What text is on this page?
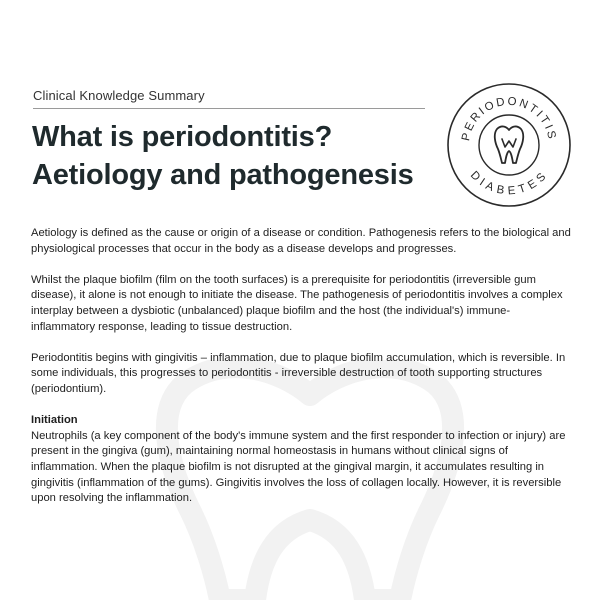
Clinical Knowledge Summary
What is periodontitis?
Aetiology and pathogenesis
PERIODONTITIS
DIABETES

Aetiology is defined as the cause or origin of a disease or condition. Pathogenesis refers to the biological and physiological processes that occur in the body as a disease develops and progresses.

Whilst the plaque biofilm (film on the tooth surfaces) is a prerequisite for periodontitis (irreversible gum disease), it alone is not enough to initiate the disease. The pathogenesis of periodontitis involves a complex interplay between a dysbiotic (unbalanced) plaque biofilm and the host (the individual's) immune-inflammatory response, leading to tissue destruction.

Periodontitis begins with gingivitis – inflammation, due to plaque biofilm accumulation, which is reversible. In some individuals, this progresses to periodontitis - irreversible destruction of tooth supporting structures (periodontium).

Initiation

Neutrophils (a key component of the body's immune system and the first responder to infection or injury) are present in the gingiva (gum), maintaining normal homeostasis in humans without clinical signs of inflammation. When the plaque biofilm is not disrupted at the gingival margin, it accumulates resulting in gingivitis (inflammation of the gums). Gingivitis involves the loss of collagen locally. However, it is reversible upon resolving the inflammation.
